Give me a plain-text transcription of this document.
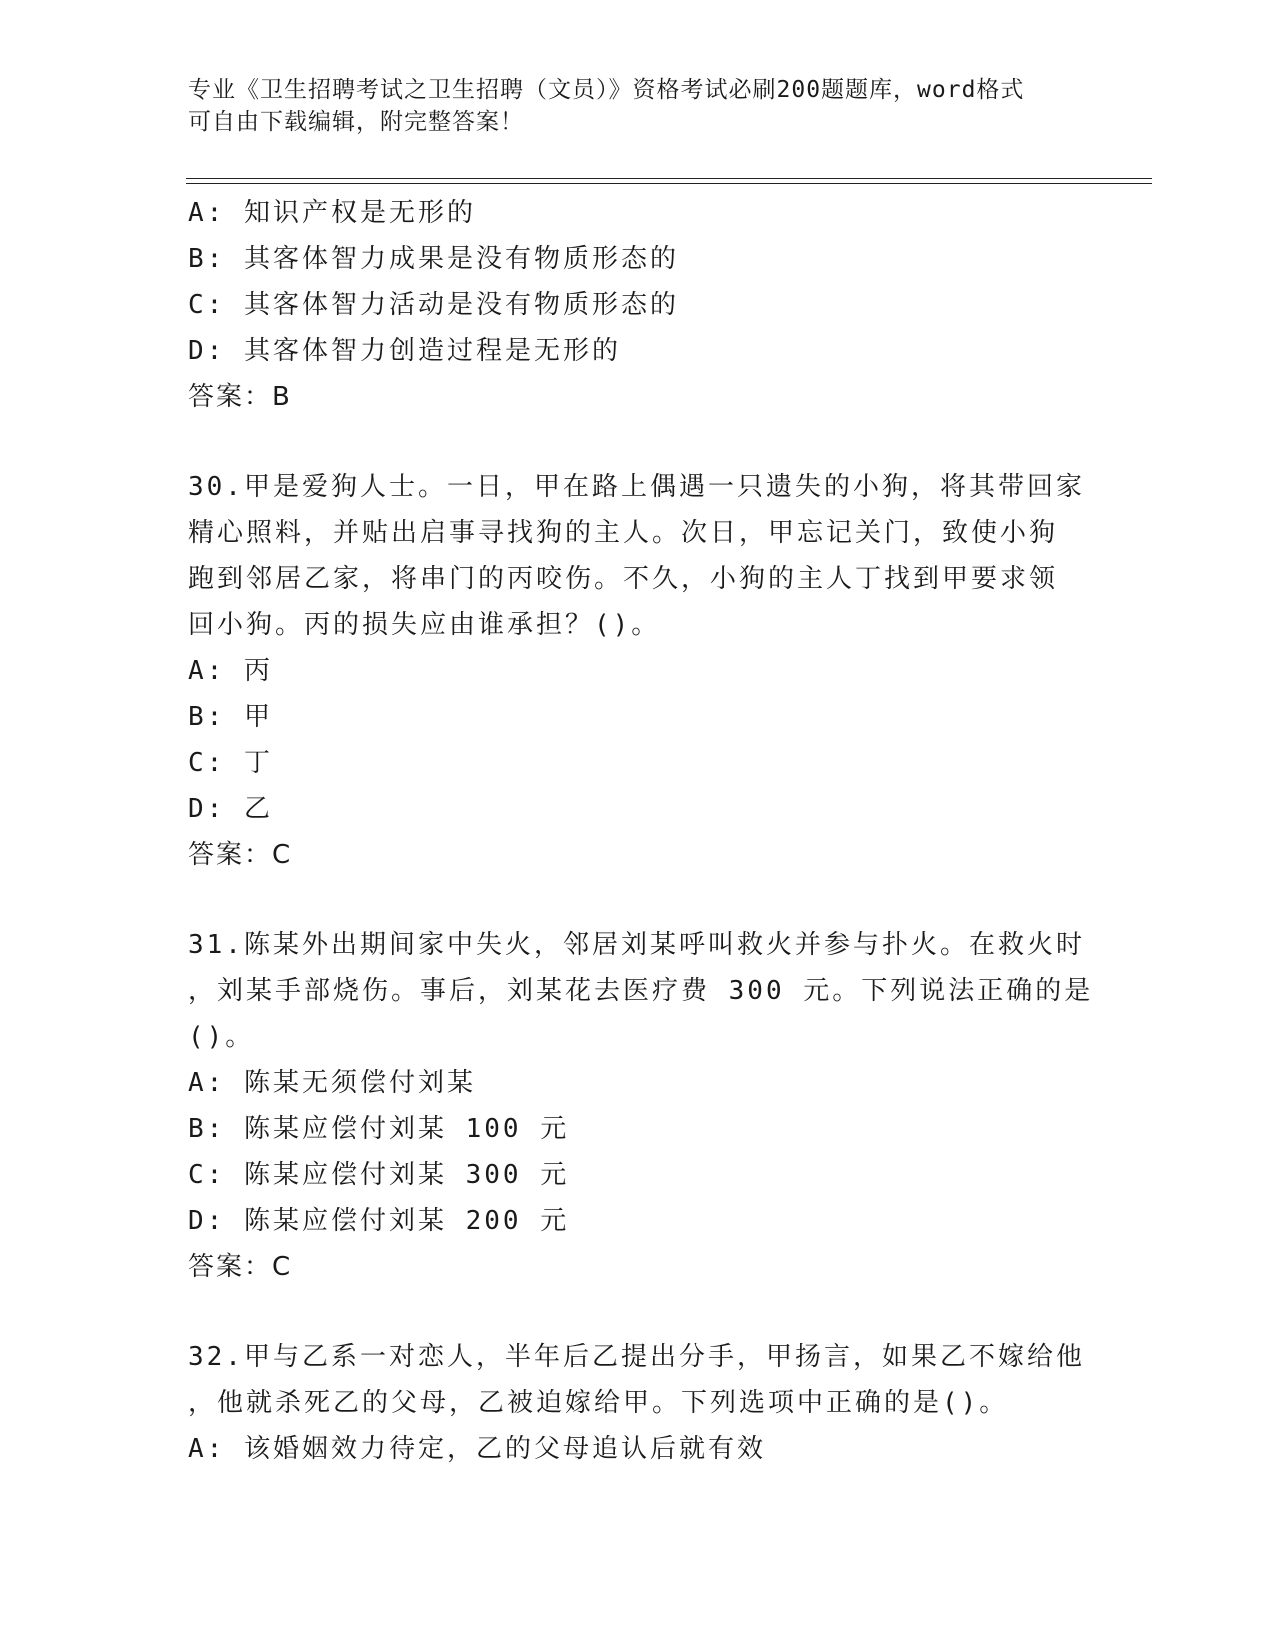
专业《卫生招聘考试之卫生招聘（文员）》资格考试必刷200题题库，word格式
可自由下载编辑，附完整答案！
A: 知识产权是无形的
B: 其客体智力成果是没有物质形态的
C: 其客体智力活动是没有物质形态的
D: 其客体智力创造过程是无形的
答案：B
30.甲是爱狗人士。一日，甲在路上偶遇一只遗失的小狗，将其带回家
精心照料，并贴出启事寻找狗的主人。次日，甲忘记关门，致使小狗
跑到邻居乙家，将串门的丙咬伤。不久，小狗的主人丁找到甲要求领
回小狗。丙的损失应由谁承担？()。
A: 丙
B: 甲
C: 丁
D: 乙
答案：C
31.陈某外出期间家中失火，邻居刘某呼叫救火并参与扑火。在救火时
，刘某手部烧伤。事后，刘某花去医疗费 300 元。下列说法正确的是
()。
A: 陈某无须偿付刘某
B: 陈某应偿付刘某 100 元
C: 陈某应偿付刘某 300 元
D: 陈某应偿付刘某 200 元
答案：C
32.甲与乙系一对恋人，半年后乙提出分手，甲扬言，如果乙不嫁给他
，他就杀死乙的父母，乙被迫嫁给甲。下列选项中正确的是()。
A: 该婚姻效力待定，乙的父母追认后就有效
